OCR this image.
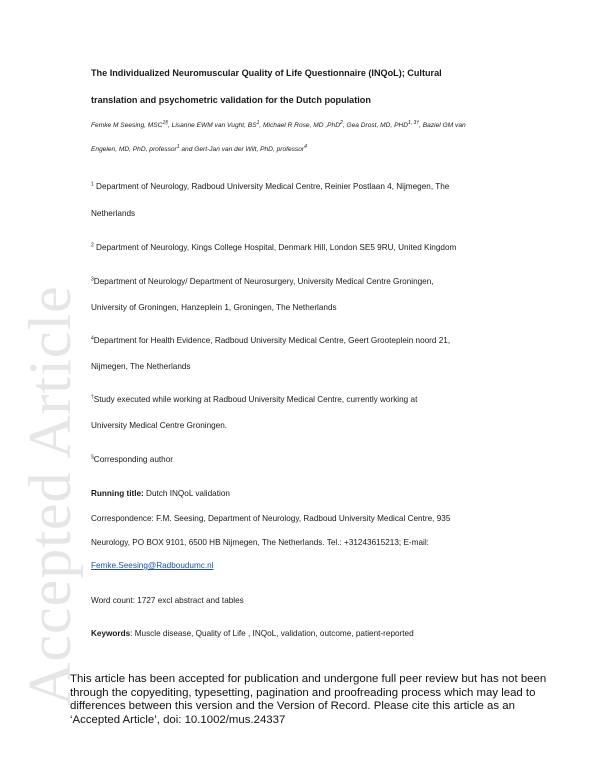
Accepted Article
The Individualized Neuromuscular Quality of Life Questionnaire (INQoL); Cultural
translation and psychometric validation for the Dutch population
Femke M Seesing, $MSC^{1\S}$, Lisanne EWM van Vught, $BS^1$, Michael R Rose, MD ,PhD$^2$, Gea Drost, MD, $PHD^{1, 3\dagger}$, Baziel GM van
Engelen, MD, PhD, professor$^1$ and Gert-Jan van der Wilt, PhD, professor$^4$
$^1$ Department of Neurology, Radboud University Medical Centre, Reinier Postlaan 4, Nijmegen, The
Netherlands
$^2$ Department of Neurology, Kings College Hospital, Denmark Hill, London SE5 9RU, United Kingdom
$^3$Department of Neurology/ Department of Neurosurgery, University Medical Centre Groningen,
University of Groningen, Hanzeplein 1, Groningen, The Netherlands
$^4$Department for Health Evidence, Radboud University Medical Centre, Geert Grooteplein noord 21,
Nijmegen, The Netherlands
†Study executed while working at Radboud University Medical Centre, currently working at
University Medical Centre Groningen.
§Corresponding author
Running title: Dutch INQoL validation
Correspondence: F.M. Seesing, Department of Neurology, Radboud University Medical Centre, 935
Neurology, PO BOX 9101, 6500 HB Nijmegen, The Netherlands. Tel.: +31243615213; E-mail:
Femke.Seesing@Radboudumc.nl
Word count: 1727 excl abstract and tables
Keywords: Muscle disease, Quality of Life , INQoL, validation, outcome, patient-reported
This article has been accepted for publication and undergone full peer review but has not been
through the copyediting, typesetting, pagination and proofreading process which may lead to
differences between this version and the Version of Record. Please cite this article as an
‘Accepted Article’, doi: 10.1002/mus.24337
